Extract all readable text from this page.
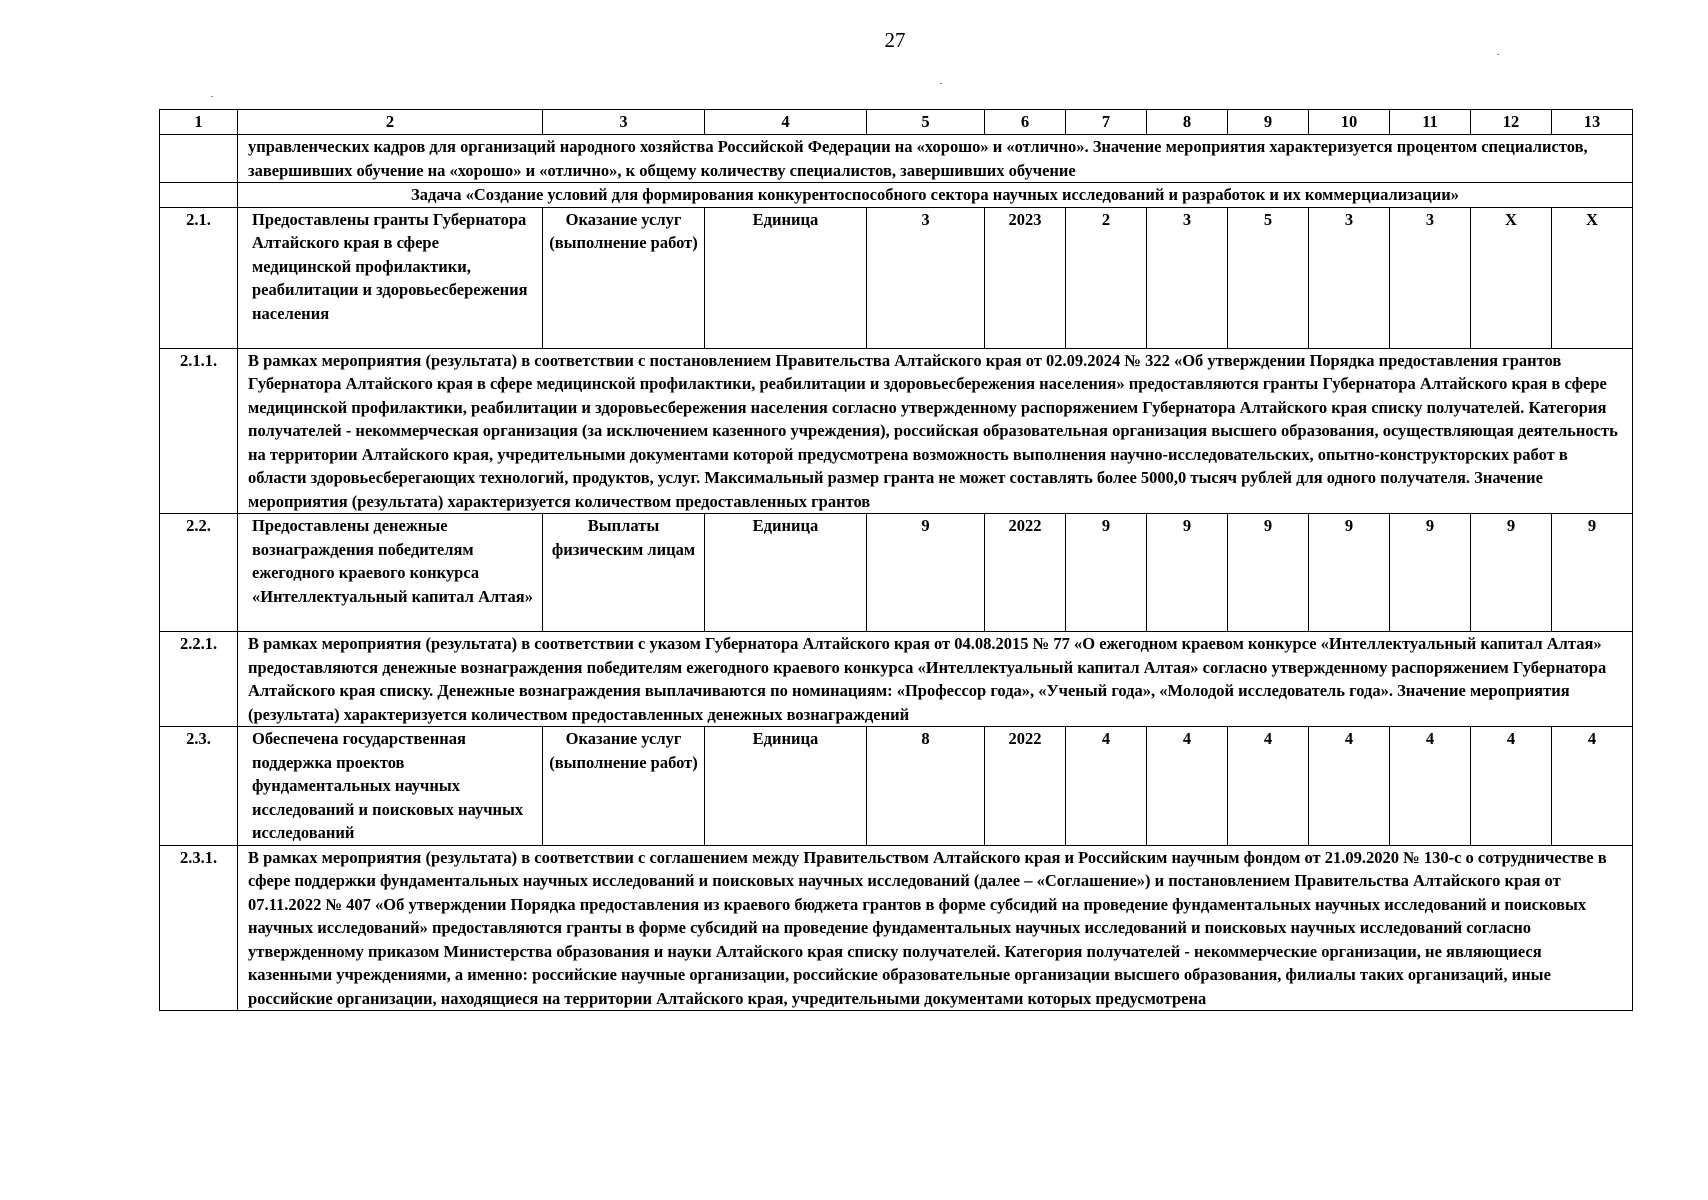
27
1	2	3	4	5	6	7	8	9	10	11	12	13
	управленческих кадров для организаций народного хозяйства Российской Федерации на «хорошо» и «отлично». Значение мероприятия характеризуется процентом специалистов, завершивших обучение на «хорошо» и «отлично», к общему количеству специалистов, завершивших обучение											
	Задача «Создание условий для формирования конкурентоспособного сектора научных исследований и разработок и их коммерциализации»											
2.1.	Предоставлены гранты Губернатора Алтайского края в сфере медицинской профилактики, реабилитации и здоровьесбережения населения	Оказание услуг (выполнение работ)	Единица	3	2023	2	3	5	3	3	X	X
2.1.1.	В рамках мероприятия (результата) в соответствии с постановлением Правительства Алтайского края от 02.09.2024 № 322 «Об утверждении Порядка предоставления грантов Губернатора Алтайского края в сфере медицинской профилактики, реабилитации и здоровьесбережения населения» предоставляются гранты Губернатора Алтайского края в сфере медицинской профилактики, реабилитации и здоровьесбережения населения согласно утвержденному распоряжением Губернатора Алтайского края списку получателей. Категория получателей - некоммерческая организация (за исключением казенного учреждения), российская образовательная организация высшего образования, осуществляющая деятельность на территории Алтайского края, учредительными документами которой предусмотрена возможность выполнения научно-исследовательских, опытно-конструкторских работ в области здоровьесберегающих технологий, продуктов, услуг. Максимальный размер гранта не может составлять более 5000,0 тысяч рублей для одного получателя. Значение мероприятия (результата) характеризуется количеством предоставленных грантов											
2.2.	Предоставлены денежные вознаграждения победителям ежегодного краевого конкурса «Интеллектуальный капитал Алтая»	Выплаты физическим лицам	Единица	9	2022	9	9	9	9	9	9	9
2.2.1.	В рамках мероприятия (результата) в соответствии с указом Губернатора Алтайского края от 04.08.2015 № 77 «О ежегодном краевом конкурсе «Интеллектуальный капитал Алтая» предоставляются денежные вознаграждения победителям ежегодного краевого конкурса «Интеллектуальный капитал Алтая» согласно утвержденному распоряжением Губернатора Алтайского края списку. Денежные вознаграждения выплачиваются по номинациям: «Профессор года», «Ученый года», «Молодой исследователь года». Значение мероприятия (результата) характеризуется количеством предоставленных денежных вознаграждений											
2.3.	Обеспечена государственная поддержка проектов фундаментальных научных исследований и поисковых научных исследований	Оказание услуг (выполнение работ)	Единица	8	2022	4	4	4	4	4	4	4
2.3.1.	В рамках мероприятия (результата) в соответствии с соглашением между Правительством Алтайского края и Российским научным фондом от 21.09.2020 № 130-с о сотрудничестве в сфере поддержки фундаментальных научных исследований и поисковых научных исследований (далее – «Соглашение») и постановлением Правительства Алтайского края от 07.11.2022 № 407 «Об утверждении Порядка предоставления из краевого бюджета грантов в форме субсидий на проведение фундаментальных научных исследований и поисковых научных исследований» предоставляются гранты в форме субсидий на проведение фундаментальных научных исследований и поисковых научных исследований согласно утвержденному приказом Министерства образования и науки Алтайского края списку получателей. Категория получателей - некоммерческие организации, не являющиеся казенными учреждениями, а именно: российские научные организации, российские образовательные организации высшего образования, филиалы таких организаций, иные российские организации, находящиеся на территории Алтайского края, учредительными документами которых предусмотрена											
